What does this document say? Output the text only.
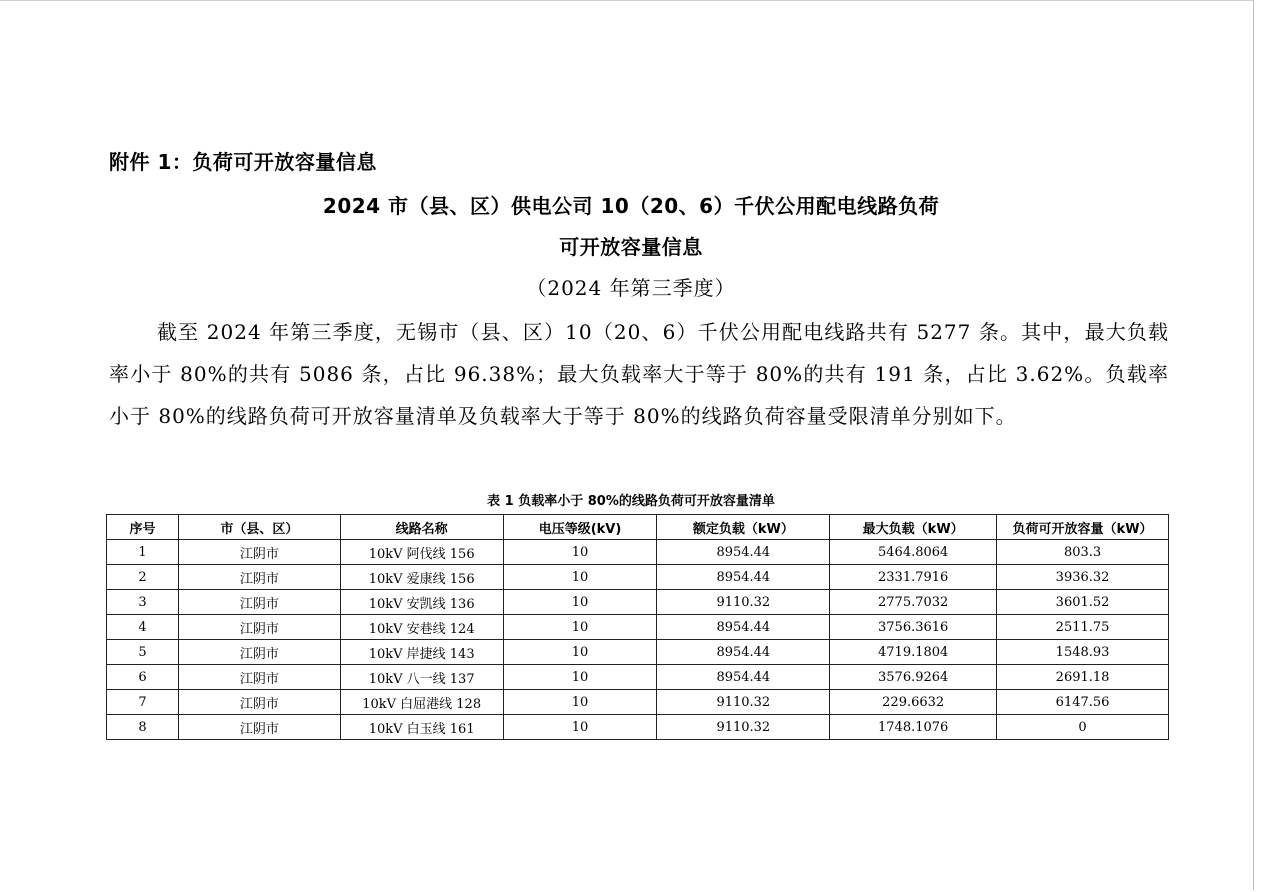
附件 1：负荷可开放容量信息
2024 市（县、区）供电公司 10（20、6）千伏公用配电线路负荷
可开放容量信息
（2024 年第三季度）
截至 2024 年第三季度，无锡市（县、区）10（20、6）千伏公用配电线路共有 5277 条。其中，最大负载率小于 80%的共有 5086 条，占比 96.38%；最大负载率大于等于 80%的共有 191 条，占比 3.62%。负载率小于 80%的线路负荷可开放容量清单及负载率大于等于 80%的线路负荷容量受限清单分别如下。
表 1 负载率小于 80%的线路负荷可开放容量清单
序号	市（县、区）	线路名称	电压等级(kV)	额定负载（kW）	最大负载（kW）	负荷可开放容量（kW）
1	江阴市	10kV 阿伐线 156	10	8954.44	5464.8064	803.3
2	江阴市	10kV 爱康线 156	10	8954.44	2331.7916	3936.32
3	江阴市	10kV 安凯线 136	10	9110.32	2775.7032	3601.52
4	江阴市	10kV 安巷线 124	10	8954.44	3756.3616	2511.75
5	江阴市	10kV 岸捷线 143	10	8954.44	4719.1804	1548.93
6	江阴市	10kV 八一线 137	10	8954.44	3576.9264	2691.18
7	江阴市	10kV 白屈港线 128	10	9110.32	229.6632	6147.56
8	江阴市	10kV 白玉线 161	10	9110.32	1748.1076	0
